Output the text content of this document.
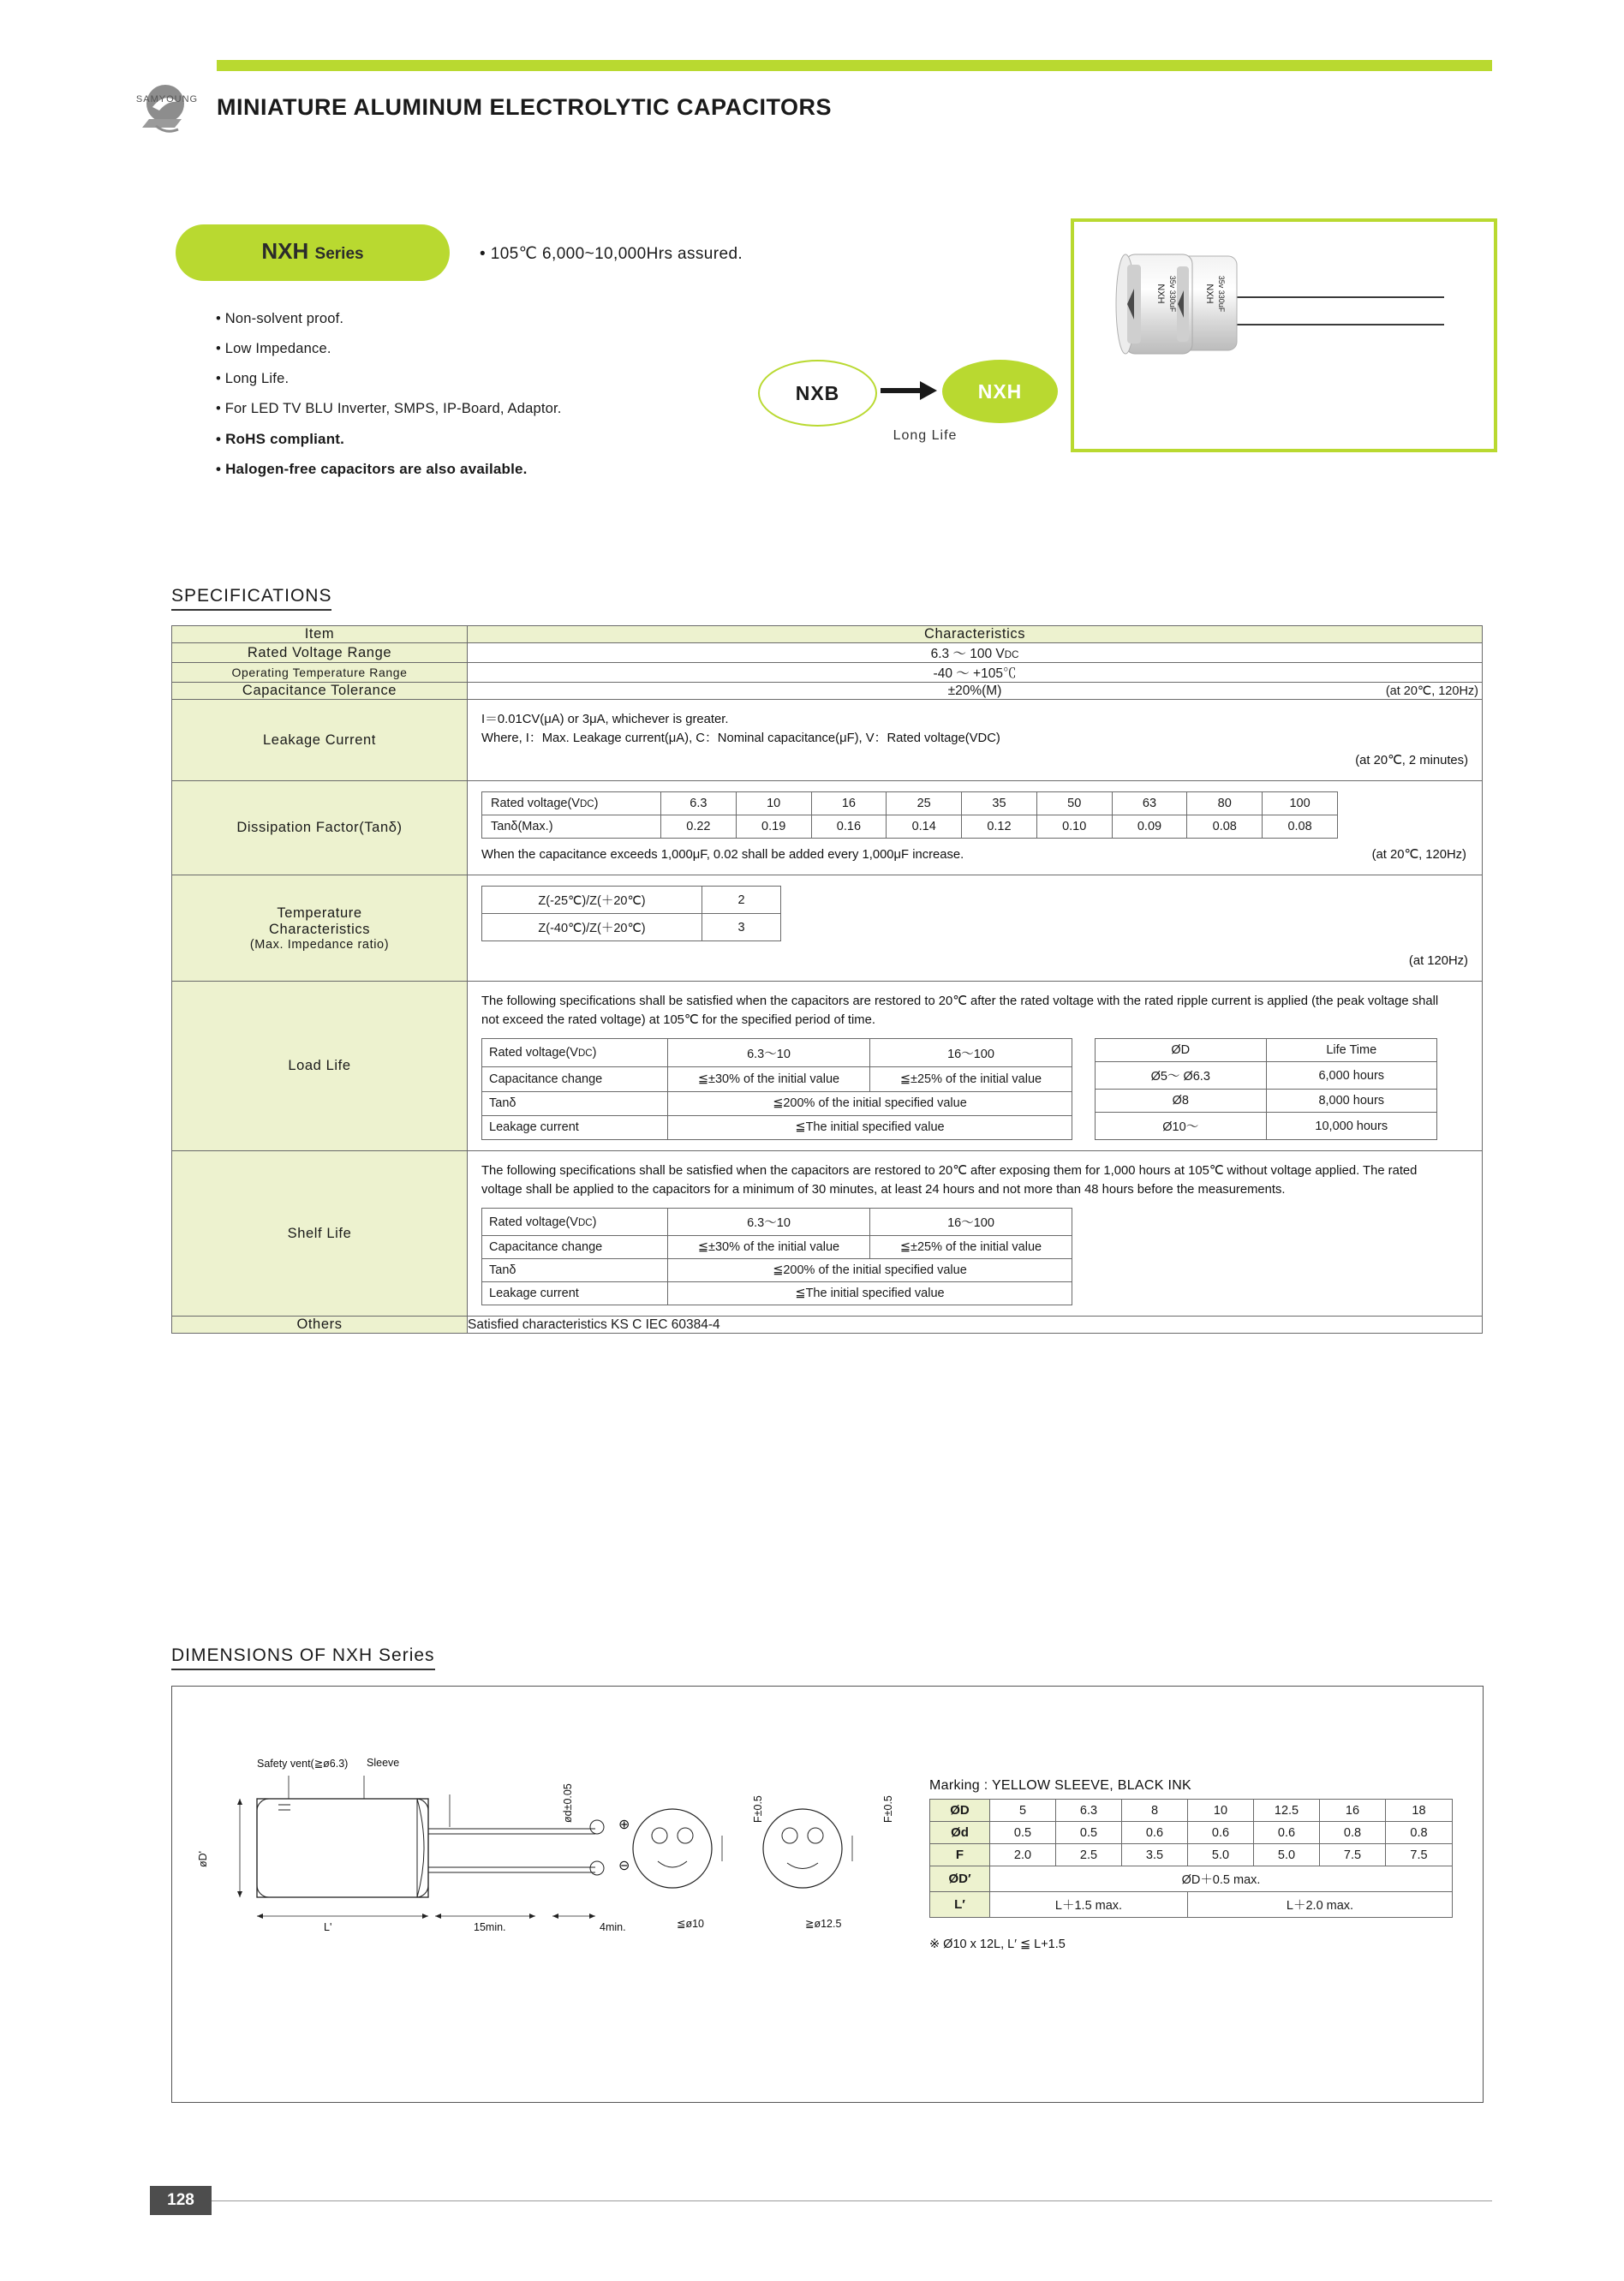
SAMYOUNG MINIATURE ALUMINUM ELECTROLYTIC CAPACITORS
NXH Series	• 105℃ 6,000~10,000Hrs assured.
• Non-solvent proof.
• Low Impedance.
• Long Life.
• For LED TV BLU Inverter, SMPS, IP-Board, Adaptor.
• RoHS compliant.
• Halogen-free capacitors are also available.
NXB	NXH
Long Life
NXH 35v 330uF	NXH 35v 330uF
SPECIFICATIONS
Item	Characteristics
Rated Voltage Range	6.3 ～ 100 VDC
Operating Temperature Range	-40 ～ +105℃
Capacitance Tolerance	±20%(M)	(at 20℃, 120Hz)

Leakage Current	
I＝0.01CV(μA) or 3μA, whichever is greater.
Where, I：Max. Leakage current(μA), C：Nominal capacitance(μF), V：Rated voltage(VDC)
(at 20℃, 2 minutes)

Dissipation Factor(Tanδ)	
Rated voltage(VDC)	6.3	10	16	25	35	50	63	80	100
Tanδ(Max.)	0.22	0.19	0.16	0.14	0.12	0.10	0.09	0.08	0.08
When the capacitance exceeds 1,000μF, 0.02 shall be added every 1,000μF increase.	(at 20℃, 120Hz)

Temperature
Characteristics
(Max. Impedance ratio)

Z(-25℃)/Z(＋20℃)	2
Z(-40℃)/Z(＋20℃)	3
(at 120Hz)

Load Life	
The following specifications shall be satisfied when the capacitors are restored to 20℃ after the rated voltage with the rated ripple current is applied (the peak voltage shall not exceed the rated voltage) at 105℃ for the specified period of time.
Rated voltage(VDC)	6.3～10	16～100
Capacitance change	≦±30% of the initial value	≦±25% of the initial value
Tanδ	≦200% of the initial specified value
Leakage current	≦The initial specified value
ØD	Life Time
Ø5～ Ø6.3	6,000 hours
Ø8	8,000 hours
Ø10～	10,000 hours

Shelf Life	
The following specifications shall be satisfied when the capacitors are restored to 20℃ after exposing them for 1,000 hours at 105℃ without voltage applied. The rated voltage shall be applied to the capacitors for a minimum of 30 minutes, at least 24 hours and not more than 48 hours before the measurements.
Rated voltage(VDC)	6.3～10	16～100
Capacitance change	≦±30% of the initial value	≦±25% of the initial value
Tanδ	≦200% of the initial specified value
Leakage current	≦The initial specified value

Others	Satisfied characteristics KS C IEC 60384-4
DIMENSIONS OF NXH Series
Safety vent(≧ø6.3) Sleeve
ød±0.05
øD'
L'	15min.	4min.
F±0.5	F±0.5
≦ø10	≧ø12.5
⊕
⊖
Marking : YELLOW SLEEVE, BLACK INK
ØD	5	6.3	8	10	12.5	16	18
Ød	0.5	0.5	0.6	0.6	0.6	0.8	0.8
F	2.0	2.5	3.5	5.0	5.0	7.5	7.5
ØD′	ØD＋0.5 max.						
L′	L＋1.5 max.			L＋2.0 max.			
※ Ø10 x 12L, L′ ≦ L+1.5
128
